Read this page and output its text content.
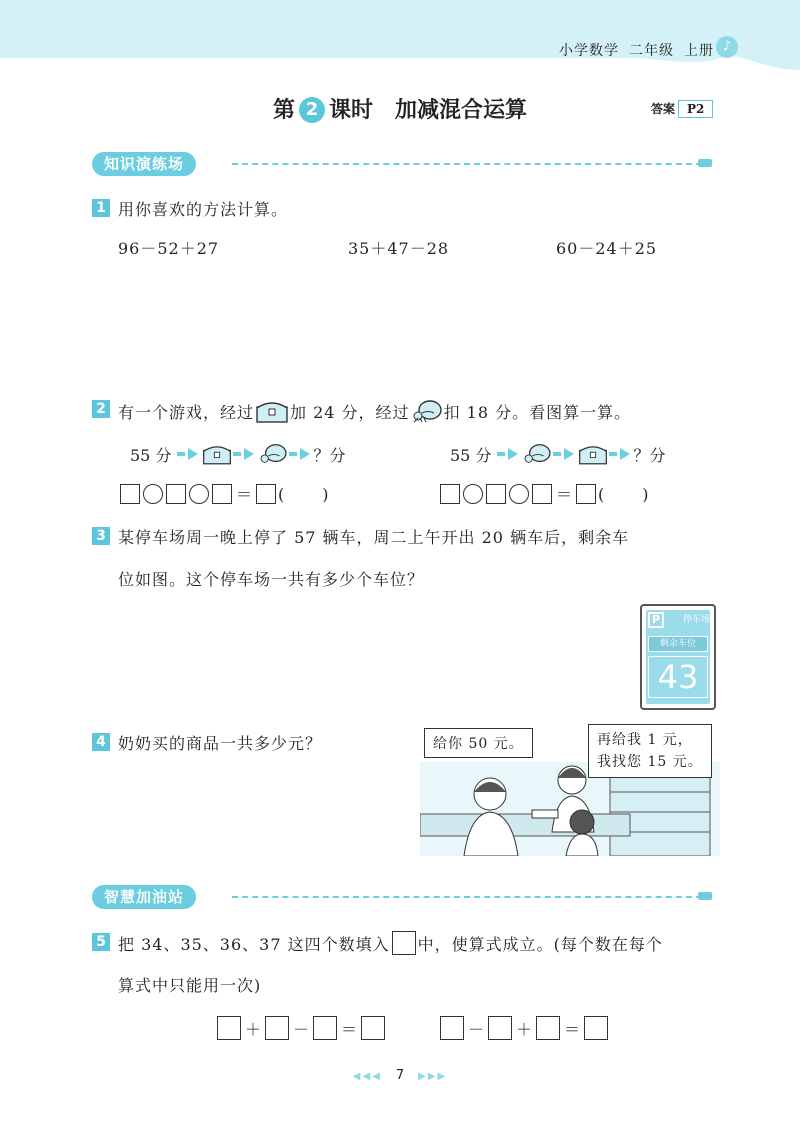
小学数学 二年级 上册 ♪
第 2 课时 加减混合运算	答案 P2
知识演练场
1 用你喜欢的方法计算。
96－52＋27	35＋47－28	60－24＋25
2 有一个游戏，经过 加 24 分，经过 扣 18 分。看图算一算。
55 分	？分
＝ (　　)
55 分	？分
＝ (　　)
3 某停车场周一晚上停了 57 辆车，周二上午开出 20 辆车后，剩余车
位如图。这个停车场一共有多少个车位？
P	停车场
剩余车位
43
4 奶奶买的商品一共多少元？	给你 50 元。	再给我 1 元，
我找您 15 元。
智慧加油站
5 把 34、35、36、37 这四个数填入 中，使算式成立。(每个数在每个
算式中只能用一次)
＋ － ＝	－ ＋ ＝
◀◀◀ 7 ▶▶▶
